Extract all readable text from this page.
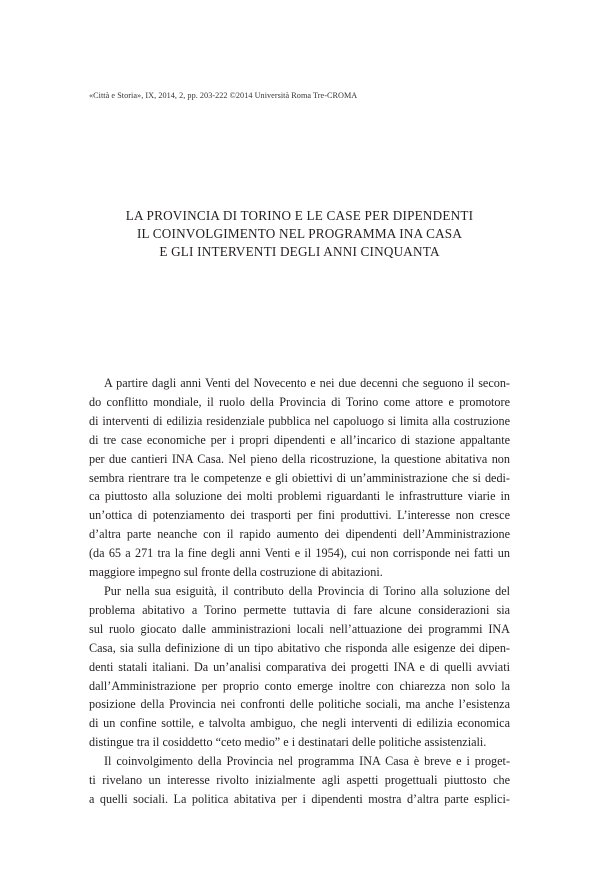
«Città e Storia», IX, 2014, 2, pp. 203-222 ©2014 Università Roma Tre-CROMA
LA PROVINCIA DI TORINO E LE CASE PER DIPENDENTI
IL COINVOLGIMENTO NEL PROGRAMMA INA CASA
E GLI INTERVENTI DEGLI ANNI CINQUANTA

A partire dagli anni Venti del Novecento e nei due decenni che seguono il secon-
do conflitto mondiale, il ruolo della Provincia di Torino come attore e promotore
di interventi di edilizia residenziale pubblica nel capoluogo si limita alla costruzione
di tre case economiche per i propri dipendenti e all’incarico di stazione appaltante
per due cantieri INA Casa. Nel pieno della ricostruzione, la questione abitativa non
sembra rientrare tra le competenze e gli obiettivi di un’amministrazione che si dedi-
ca piuttosto alla soluzione dei molti problemi riguardanti le infrastrutture viarie in
un’ottica di potenziamento dei trasporti per fini produttivi. L’interesse non cresce
d’altra parte neanche con il rapido aumento dei dipendenti dell’Amministrazione
(da 65 a 271 tra la fine degli anni Venti e il 1954), cui non corrisponde nei fatti un
maggiore impegno sul fronte della costruzione di abitazioni.

Pur nella sua esiguità, il contributo della Provincia di Torino alla soluzione del
problema abitativo a Torino permette tuttavia di fare alcune considerazioni sia
sul ruolo giocato dalle amministrazioni locali nell’attuazione dei programmi INA
Casa, sia sulla definizione di un tipo abitativo che risponda alle esigenze dei dipen-
denti statali italiani. Da un’analisi comparativa dei progetti INA e di quelli avviati
dall’Amministrazione per proprio conto emerge inoltre con chiarezza non solo la
posizione della Provincia nei confronti delle politiche sociali, ma anche l’esistenza
di un confine sottile, e talvolta ambiguo, che negli interventi di edilizia economica
distingue tra il cosiddetto “ceto medio” e i destinatari delle politiche assistenziali.

Il coinvolgimento della Provincia nel programma INA Casa è breve e i proget-
ti rivelano un interesse rivolto inizialmente agli aspetti progettuali piuttosto che
a quelli sociali. La politica abitativa per i dipendenti mostra d’altra parte esplici-
